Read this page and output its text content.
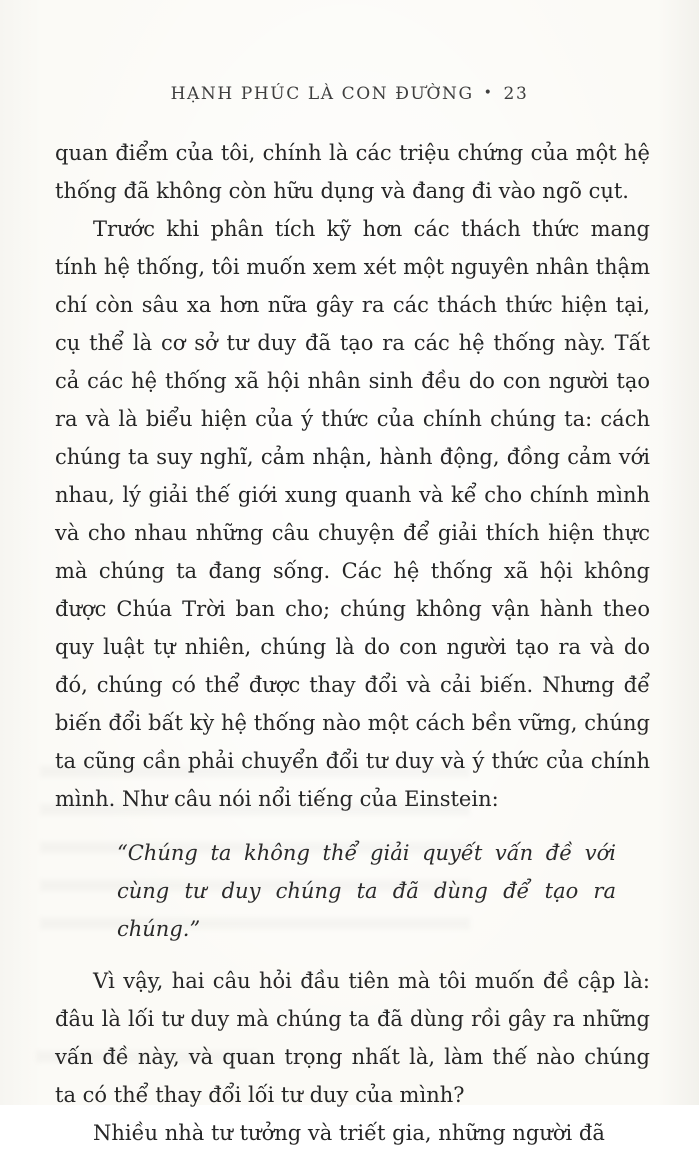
HẠNH PHÚC LÀ CON ĐƯỜNG • 23

quan điểm của tôi, chính là các triệu chứng của một hệ thống đã không còn hữu dụng và đang đi vào ngõ cụt.

Trước khi phân tích kỹ hơn các thách thức mang tính hệ thống, tôi muốn xem xét một nguyên nhân thậm chí còn sâu xa hơn nữa gây ra các thách thức hiện tại, cụ thể là cơ sở tư duy đã tạo ra các hệ thống này. Tất cả các hệ thống xã hội nhân sinh đều do con người tạo ra và là biểu hiện của ý thức của chính chúng ta: cách chúng ta suy nghĩ, cảm nhận, hành động, đồng cảm với nhau, lý giải thế giới xung quanh và kể cho chính mình và cho nhau những câu chuyện để giải thích hiện thực mà chúng ta đang sống. Các hệ thống xã hội không được Chúa Trời ban cho; chúng không vận hành theo quy luật tự nhiên, chúng là do con người tạo ra và do đó, chúng có thể được thay đổi và cải biến. Nhưng để biến đổi bất kỳ hệ thống nào một cách bền vững, chúng ta cũng cần phải chuyển đổi tư duy và ý thức của chính mình. Như câu nói nổi tiếng của Einstein:

“Chúng ta không thể giải quyết vấn đề với cùng tư duy chúng ta đã dùng để tạo ra chúng.”

Vì vậy, hai câu hỏi đầu tiên mà tôi muốn đề cập là: đâu là lối tư duy mà chúng ta đã dùng rồi gây ra những vấn đề này, và quan trọng nhất là, làm thế nào chúng ta có thể thay đổi lối tư duy của mình?

Nhiều nhà tư tưởng và triết gia, những người đã
